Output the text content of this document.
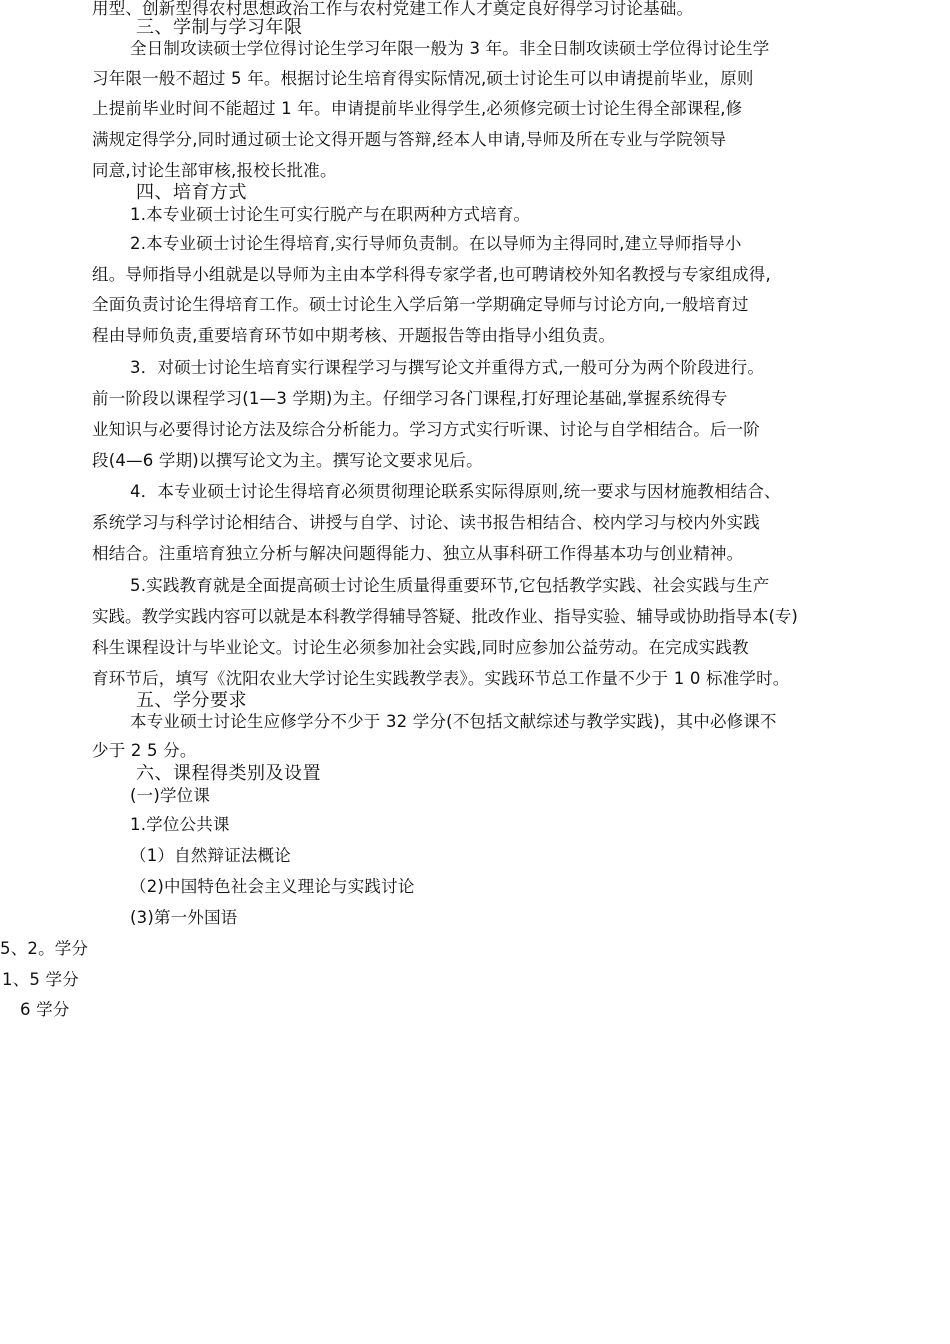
用型、创新型得农村思想政治工作与农村党建工作人才奠定良好得学习讨论基础。
三、学制与学习年限
全日制攻读硕士学位得讨论生学习年限一般为 3 年。非全日制攻读硕士学位得讨论生学
习年限一般不超过 5 年。根据讨论生培育得实际情况,硕士讨论生可以申请提前毕业，原则
上提前毕业时间不能超过 1 年。申请提前毕业得学生,必须修完硕士讨论生得全部课程,修
满规定得学分,同时通过硕士论文得开题与答辩,经本人申请,导师及所在专业与学院领导
同意,讨论生部审核,报校长批准。
四、培育方式
1.本专业硕士讨论生可实行脱产与在职两种方式培育。
2.本专业硕士讨论生得培育,实行导师负责制。在以导师为主得同时,建立导师指导小
组。导师指导小组就是以导师为主由本学科得专家学者,也可聘请校外知名教授与专家组成得,
全面负责讨论生得培育工作。硕士讨论生入学后第一学期确定导师与讨论方向,一般培育过
程由导师负责,重要培育环节如中期考核、开题报告等由指导小组负责。
3．对硕士讨论生培育实行课程学习与撰写论文并重得方式,一般可分为两个阶段进行。
前一阶段以课程学习(1—3 学期)为主。仔细学习各门课程,打好理论基础,掌握系统得专
业知识与必要得讨论方法及综合分析能力。学习方式实行听课、讨论与自学相结合。后一阶
段(4—6 学期)以撰写论文为主。撰写论文要求见后。
4．本专业硕士讨论生得培育必须贯彻理论联系实际得原则,统一要求与因材施教相结合、
系统学习与科学讨论相结合、讲授与自学、讨论、读书报告相结合、校内学习与校内外实践
相结合。注重培育独立分析与解决问题得能力、独立从事科研工作得基本功与创业精神。
5.实践教育就是全面提高硕士讨论生质量得重要环节,它包括教学实践、社会实践与生产
实践。教学实践内容可以就是本科教学得辅导答疑、批改作业、指导实验、辅导或协助指导本(专)
科生课程设计与毕业论文。讨论生必须参加社会实践,同时应参加公益劳动。在完成实践教
育环节后，填写《沈阳农业大学讨论生实践教学表》。实践环节总工作量不少于 1 0 标准学时。
五、学分要求
本专业硕士讨论生应修学分不少于 32 学分(不包括文献综述与教学实践)，其中必修课不
少于 2 5 分。
六、课程得类别及设置
(一)学位课
1.学位公共课
（1）自然辩证法概论
（2)中国特色社会主义理论与实践讨论
(3)第一外国语
5、2。学分
1、5 学分
6 学分
